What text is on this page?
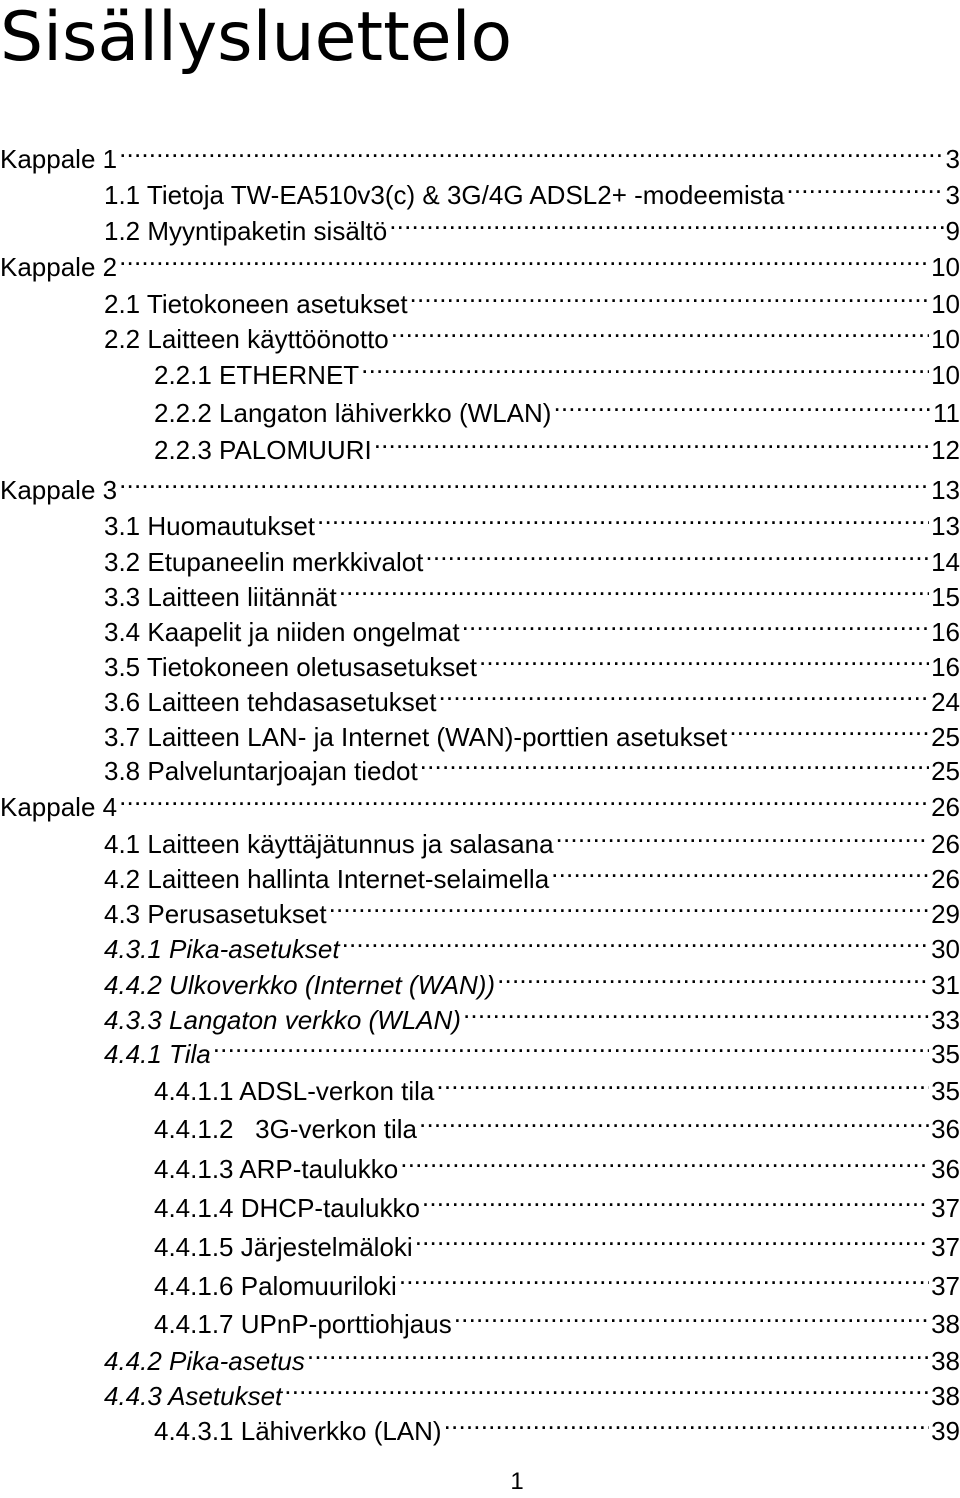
Sisällysluettelo
Kappale 1 .....	3
1.1 Tietoja TW-EA510v3(c) & 3G/4G ADSL2+ -modeemista .....	3
1.2 Myyntipaketin sisältö .....	9
Kappale 2 .....	10
2.1 Tietokoneen asetukset .....	10
2.2 Laitteen käyttöönotto .....	10
2.2.1 ETHERNET .....	10
2.2.2 Langaton lähiverkko (WLAN) .....	11
2.2.3 PALOMUURI .....	12
Kappale 3 .....	13
3.1 Huomautukset .....	13
3.2 Etupaneelin merkkivalot .....	14
3.3 Laitteen liitännät .....	15
3.4 Kaapelit ja niiden ongelmat .....	16
3.5 Tietokoneen oletusasetukset .....	16
3.6 Laitteen tehdasasetukset .....	24
3.7 Laitteen LAN- ja Internet (WAN)-porttien asetukset .....	25
3.8 Palveluntarjoajan tiedot .....	25
Kappale 4 .....	26
4.1 Laitteen käyttäjätunnus ja salasana .....	26
4.2 Laitteen hallinta Internet-selaimella .....	26
4.3 Perusasetukset .....	29
4.3.1 Pika-asetukset .....	30
4.4.2 Ulkoverkko (Internet (WAN)) .....	31
4.3.3 Langaton verkko (WLAN) .....	33
4.4.1 Tila .....	35
4.4.1.1 ADSL-verkon tila .....	35
4.4.1.2   3G-verkon tila .....	36
4.4.1.3 ARP-taulukko .....	36
4.4.1.4 DHCP-taulukko .....	37
4.4.1.5 Järjestelmäloki .....	37
4.4.1.6 Palomuuriloki .....	37
4.4.1.7 UPnP-porttiohjaus .....	38
4.4.2 Pika-asetus .....	38
4.4.3 Asetukset .....	38
4.4.3.1 Lähiverkko (LAN) .....	39
1
